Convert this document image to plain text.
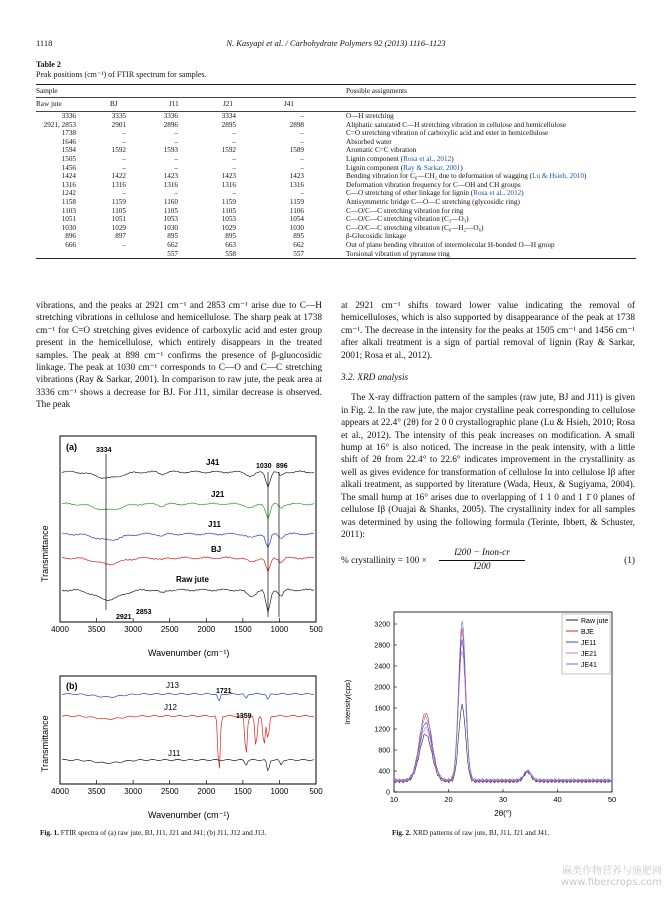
1118	N. Kasyapi et al. / Carbohydrate Polymers 92 (2013) 1116–1123
Table 2
Peak positions (cm⁻¹) of FTIR spectrum for samples.
Sample					Possible assignments
Raw jute	BJ	J11	J21	J41	
3336	3335	3336	3334	–	O—H stretching
2921, 2853	2901	2896	2895	2898	Aliphatic saturated C—H stretching vibration in cellulose and hemicellulose
1738	–	–	–	–	C=O stretching vibration of carboxylic acid and ester in hemicellulose
1646	–	–	–	–	Absorbed water
1594	1592	1593	1592	1589	Aromatic C=C vibration
1505	–	–	–	–	Lignin component (Rosa et al., 2012)
1456	–	–	–	–	Lignin component (Ray & Sarkar, 2001)
1424	1422	1423	1423	1423	Bending vibration for C₆—CH₂ due to deformation of wagging (Lu & Hsieh, 2010)
1316	1316	1316	1316	1316	Deformation vibration frequency for C—OH and CH groups
1242	–	–	–	–	C—O stretching of ether linkage for lignin (Rosa et al., 2012)
1158	1159	1160	1159	1159	Antisymmetric bridge C—O—C stretching (glycosidic ring)
1103	1105	1105	1105	1106	C—O/C—C stretching vibration for ring
1051	1051	1053	1053	1054	C—O/C—C stretching vibration (C₃—O₃)
1030	1029	1030	1029	1030	C—O/C—C stretching vibration (C₆—H₂—O₆)
896	897	895	895	895	β-Glucosidic linkage
666	–	662	663	662	Out of plane bending vibration of intermolecular H-bonded O—H group
		557	558	557	Torsional vibration of pyranose ring

vibrations, and the peaks at 2921 cm⁻¹ and 2853 cm⁻¹ arise due to C—H stretching vibrations in cellulose and hemicellulose. The sharp peak at 1738 cm⁻¹ for C=O stretching gives evidence of carboxylic acid and ester group present in the hemicellulose, which entirely disappears in the treated samples. The peak at 898 cm⁻¹ confirms the presence of β-gluocosidic linkage. The peak at 1030 cm⁻¹ corresponds to C—O and C—C stretching vibrations (Ray & Sarkar, 2001). In comparison to raw jute, the peak area at 3336 cm⁻¹ shows a decrease for BJ. For J11, similar decrease is observed. The peak

at 2921 cm⁻¹ shifts toward lower value indicating the removal of hemicelluloses, which is also supported by disappearance of the peak at 1738 cm⁻¹. The decrease in the intensity for the peaks at 1505 cm⁻¹ and 1456 cm⁻¹ after alkali treatment is a sign of partial removal of lignin (Ray & Sarkar, 2001; Rosa et al., 2012).

3.2. XRD analysis

The X-ray diffraction pattern of the samples (raw jute, BJ and J11) is given in Fig. 2. In the raw jute, the major crystalline peak corresponding to cellulose appears at 22.4° (2θ) for 2 0 0 crystallographic plane (Lu & Hsieh, 2010; Rosa et al., 2012). The intensity of this peak increases on modification. A small hump at 16° is also noticed. The increase in the peak intensity, with a little shift of 2θ from 22.4° to 22.6° indicates improvement in the crystallinity as well as gives evidence for transformation of cellulose Iα into cellulose Iβ after alkali treatment, as supported by literature (Wada, Heux, & Sugiyama, 2004). The small hump at 16° arises due to overlapping of 1 1 0 and 1 1̄ 0 planes of cellulose Iβ (Ouajai & Shanks, 2005). The crystallinity index for all samples was determined by using the following formula (Terinte, Ibbett, & Schuster, 2011):

% crystallinity = 100 ×
I200 − Inon-cr
I200
(1)
(a)
Transmittance
Wavenumber (cm⁻¹)
4000 3500 3000 2500 2000 1500 1000	500
3334
1030 896
2921
2853
J41
J21
J11
BJ
Raw jute
(b)
Transmittance
Wavenumber (cm⁻¹)
4000 3500 3000 2500 2000 1500 1000	500
1721
1359
J13
J12
J11
Fig. 1. FTIR spectra of (a) raw jute, BJ, J11, J21 and J41; (b) J11, J12 and J13.
Intensity(cps)
2θ(°)
0
400
800
1200
1600
2000
2400
2800
3200
10	20	30	40	50
Raw jute
BJE
JE11
JE21
JE41
Fig. 2. XRD patterns of raw jute, BJ, J11, J21 and J41.
麻类作物营养与施肥网
www.fibercrops.com
